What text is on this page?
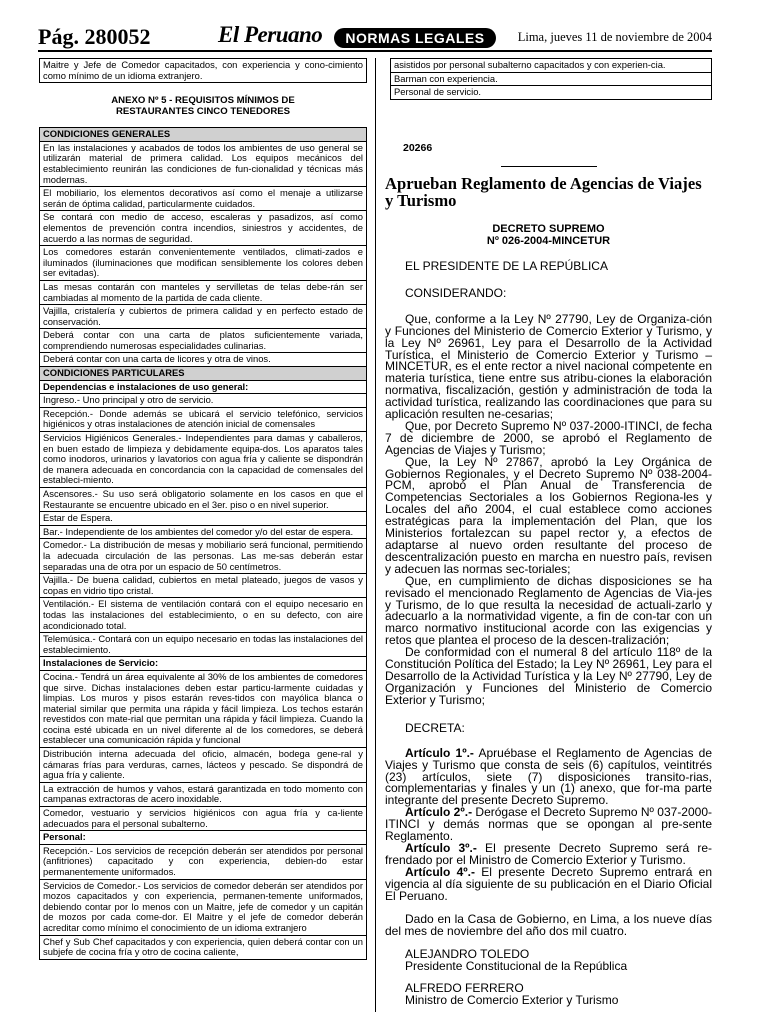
Pág. 280052	El Peruano	NORMAS LEGALES	Lima, jueves 11 de noviembre de 2004
Maitre y Jefe de Comedor capacitados, con experiencia y cono-cimiento como mínimo de un idioma extranjero.
ANEXO Nº 5 - REQUISITOS MÍNIMOS DE
RESTAURANTES CINCO TENEDORES
CONDICIONES GENERALES
En las instalaciones y acabados de todos los ambientes de uso general se utilizarán material de primera calidad. Los equipos mecánicos del establecimiento reunirán las condiciones de fun-cionalidad y técnicas más modernas.
El mobiliario, los elementos decorativos así como el menaje a utilizarse serán de óptima calidad, particularmente cuidados.
Se contará con medio de acceso, escaleras y pasadizos, así como elementos de prevención contra incendios, siniestros y accidentes, de acuerdo a las normas de seguridad.
Los comedores estarán convenientemente ventilados, climati-zados e iluminados (iluminaciones que modifican sensiblemente los colores deben ser evitadas).
Las mesas contarán con manteles y servilletas de telas debe-rán ser cambiadas al momento de la partida de cada cliente.
Vajilla, cristalería y cubiertos de primera calidad y en perfecto estado de conservación.
Deberá contar con una carta de platos suficientemente variada, comprendiendo numerosas especialidades culinarias.
Deberá contar con una carta de licores y otra de vinos.
CONDICIONES PARTICULARES
Dependencias e instalaciones de uso general:
Ingreso.- Uno principal y otro de servicio.
Recepción.- Donde además se ubicará el servicio telefónico, servicios higiénicos y otras instalaciones de atención inicial de comensales
Servicios Higiénicos Generales.- Independientes para damas y caballeros, en buen estado de limpieza y debidamente equipa-dos. Los aparatos tales como inodoros, urinarios y lavatorios con agua fría y caliente se dispondrán de manera adecuada en concordancia con la capacidad de comensales del estableci-miento.
Ascensores.- Su uso será obligatorio solamente en los casos en que el Restaurante se encuentre ubicado en el 3er. piso o en nivel superior.
Estar de Espera.
Bar.- Independiente de los ambientes del comedor y/o del estar de espera.
Comedor.- La distribución de mesas y mobiliario será funcional, permitiendo la adecuada circulación de las personas. Las me-sas deberán estar separadas una de otra por un espacio de 50 centímetros.
Vajilla.- De buena calidad, cubiertos en metal plateado, juegos de vasos y copas en vidrio tipo cristal.
Ventilación.- El sistema de ventilación contará con el equipo necesario en todas las instalaciones del establecimiento, o en su defecto, con aire acondicionado total.
Telemúsica.- Contará con un equipo necesario en todas las instalaciones del establecimiento.
Instalaciones de Servicio:
Cocina.- Tendrá un área equivalente al 30% de los ambientes de comedores que sirve. Dichas instalaciones deben estar particu-larmente cuidadas y limpias. Los muros y pisos estarán reves-tidos con mayólica blanca o material similar que permita una rápida y fácil limpieza. Los techos estarán revestidos con mate-rial que permitan una rápida y fácil limpieza. Cuando la cocina esté ubicada en un nivel diferente al de los comedores, se deberá establecer una comunicación rápida y funcional
Distribución interna adecuada del oficio, almacén, bodega gene-ral y cámaras frías para verduras, carnes, lácteos y pescado. Se dispondrá de agua fría y caliente.
La extracción de humos y vahos, estará garantizada en todo momento con campanas extractoras de acero inoxidable.
Comedor, vestuario y servicios higiénicos con agua fría y ca-liente adecuados para el personal subalterno.
Personal:
Recepción.- Los servicios de recepción deberán ser atendidos por personal (anfitriones) capacitado y con experiencia, debien-do estar permanentemente uniformados.
Servicios de Comedor.- Los servicios de comedor deberán ser atendidos por mozos capacitados y con experiencia, permanen-temente uniformados, debiendo contar por lo menos con un Maitre, jefe de comedor y un capitán de mozos por cada come-dor. El Maitre y el jefe de comedor deberán acreditar como mínimo el conocimiento de un idioma extranjero
Chef y Sub Chef capacitados y con experiencia, quien deberá contar con un subjefe de cocina fría y otro de cocina caliente,
asistidos por personal subalterno capacitados y con experien-cia.
Barman con experiencia.
Personal de servicio.
20266
Aprueban Reglamento de Agencias de Viajes y Turismo
DECRETO SUPREMO
Nº 026-2004-MINCETUR

EL PRESIDENTE DE LA REPÚBLICA

CONSIDERANDO:

Que, conforme a la Ley Nº 27790, Ley de Organiza-ción y Funciones del Ministerio de Comercio Exterior y Turismo, y la Ley Nº 26961, Ley para el Desarrollo de la Actividad Turística, el Ministerio de Comercio Exterior y Turismo – MINCETUR, es el ente rector a nivel nacional competente en materia turística, tiene entre sus atribu-ciones la elaboración normativa, fiscalización, gestión y administración de toda la actividad turística, realizando las coordinaciones que para su aplicación resulten ne-cesarias;

Que, por Decreto Supremo Nº 037-2000-ITINCI, de fecha 7 de diciembre de 2000, se aprobó el Reglamento de Agencias de Viajes y Turismo;

Que, la Ley Nº 27867, aprobó la Ley Orgánica de Gobiernos Regionales, y el Decreto Supremo Nº 038-2004-PCM, aprobó el Plan Anual de Transferencia de Competencias Sectoriales a los Gobiernos Regiona-les y Locales del año 2004, el cual establece como acciones estratégicas para la implementación del Plan, que los Ministerios fortalezcan su papel rector y, a efectos de adaptarse al nuevo orden resultante del proceso de descentralización puesto en marcha en nuestro país, revisen y adecuen las normas sec-toriales;

Que, en cumplimiento de dichas disposiciones se ha revisado el mencionado Reglamento de Agencias de Via-jes y Turismo, de lo que resulta la necesidad de actuali-zarlo y adecuarlo a la normatividad vigente, a fin de con-tar con un marco normativo institucional acorde con las exigencias y retos que plantea el proceso de la descen-tralización;

De conformidad con el numeral 8 del artículo 118º de la Constitución Política del Estado; la Ley Nº 26961, Ley para el Desarrollo de la Actividad Turística y la Ley Nº 27790, Ley de Organización y Funciones del Ministerio de Comercio Exterior y Turismo;

DECRETA:

Artículo 1º.- Apruébase el Reglamento de Agencias de Viajes y Turismo que consta de seis (6) capítulos, veintitrés (23) artículos, siete (7) disposiciones transito-rias, complementarias y finales y un (1) anexo, que for-ma parte integrante del presente Decreto Supremo.

Artículo 2º.- Derógase el Decreto Supremo Nº 037-2000-ITINCI y demás normas que se opongan al pre-sente Reglamento.

Artículo 3º.- El presente Decreto Supremo será re-frendado por el Ministro de Comercio Exterior y Turismo.

Artículo 4º.- El presente Decreto Supremo entrará en vigencia al día siguiente de su publicación en el Diario Oficial El Peruano.

Dado en la Casa de Gobierno, en Lima, a los nueve días del mes de noviembre del año dos mil cuatro.

ALEJANDRO TOLEDO

Presidente Constitucional de la República

ALFREDO FERRERO

Ministro de Comercio Exterior y Turismo
